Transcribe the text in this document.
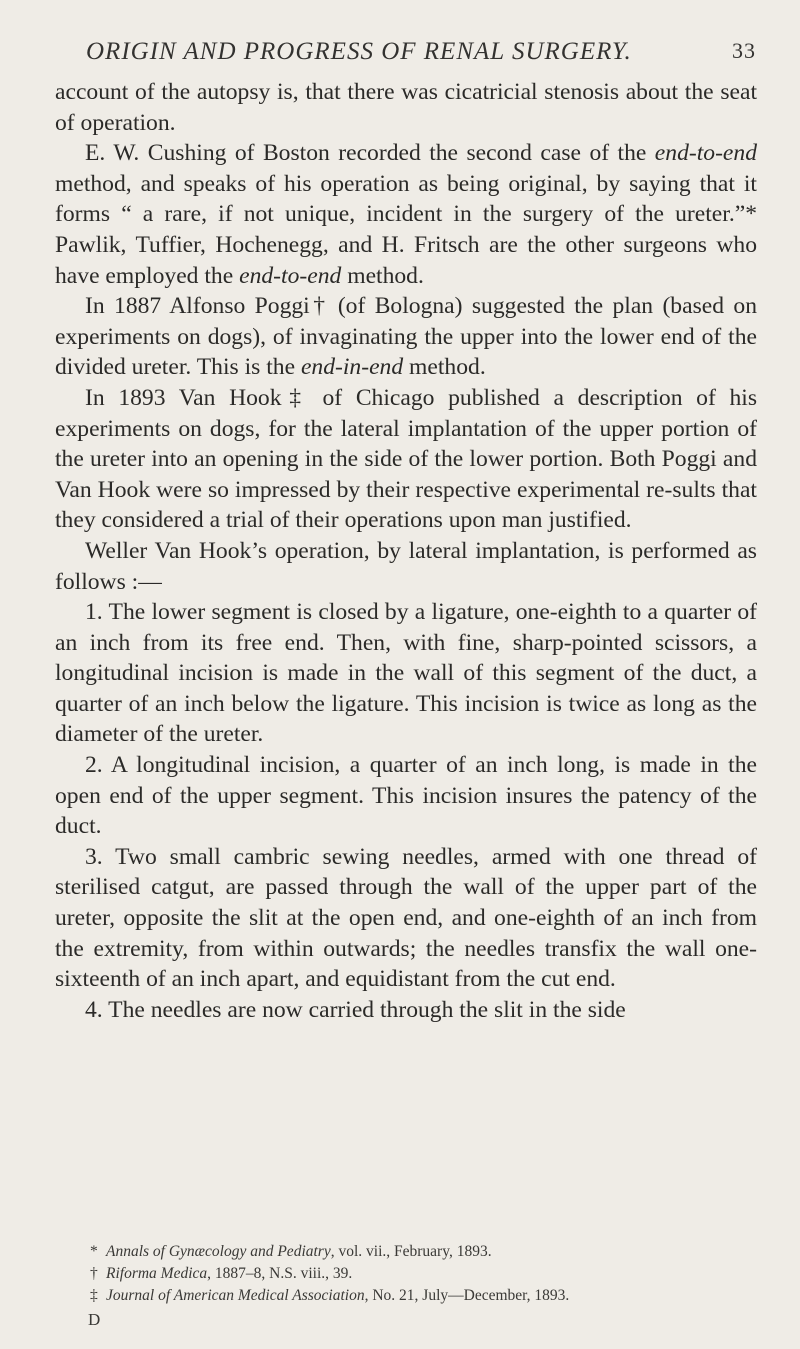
ORIGIN AND PROGRESS OF RENAL SURGERY.	33

account of the autopsy is, that there was cicatricial stenosis about the seat of operation.

E. W. Cushing of Boston recorded the second case of the end-to-end method, and speaks of his operation as being original, by saying that it forms “ a rare, if not unique, incident in the surgery of the ureter.”* Pawlik, Tuffier, Hochenegg, and H. Fritsch are the other surgeons who have employed the end-to-end method.

In 1887 Alfonso Poggi† (of Bologna) suggested the plan (based on experiments on dogs), of invaginating the upper into the lower end of the divided ureter. This is the end-in-end method.

In 1893 Van Hook‡ of Chicago published a description of his experiments on dogs, for the lateral implantation of the upper portion of the ureter into an opening in the side of the lower portion. Both Poggi and Van Hook were so impressed by their respective experimental re-sults that they considered a trial of their operations upon man justified.

Weller Van Hook’s operation, by lateral implantation, is performed as follows :—

1. The lower segment is closed by a ligature, one-eighth to a quarter of an inch from its free end. Then, with fine, sharp-pointed scissors, a longitudinal incision is made in the wall of this segment of the duct, a quarter of an inch below the ligature. This incision is twice as long as the diameter of the ureter.

2. A longitudinal incision, a quarter of an inch long, is made in the open end of the upper segment. This incision insures the patency of the duct.

3. Two small cambric sewing needles, armed with one thread of sterilised catgut, are passed through the wall of the upper part of the ureter, opposite the slit at the open end, and one-eighth of an inch from the extremity, from within outwards; the needles transfix the wall one-sixteenth of an inch apart, and equidistant from the cut end.

4. The needles are now carried through the slit in the side

* Annals of Gynæcology and Pediatry, vol. vii., February, 1893.
† Riforma Medica, 1887–8, N.S. viii., 39.
‡ Journal of American Medical Association, No. 21, July—December, 1893.
D
